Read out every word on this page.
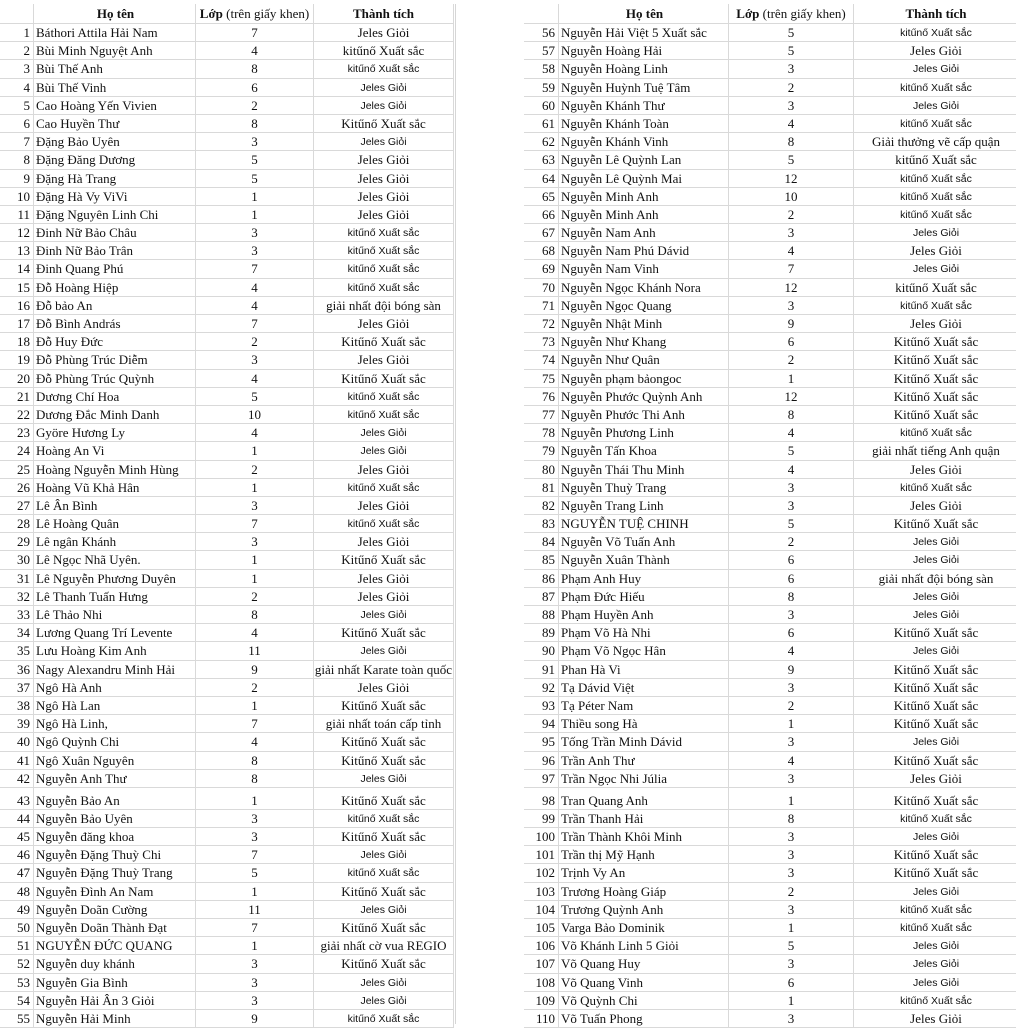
Họ tên	Lớp (trên giấy khen)	Thành tích
1 Báthori Attila Hải Nam	7	Jeles Giỏi
2 Bùi Minh Nguyệt Anh	4	kitűnő Xuất sắc
3 Bùi Thế Anh	8	kitűnő Xuất sắc
4 Bùi Thế Vinh	6	Jeles Giỏi
5 Cao Hoàng Yến Vivien	2	Jeles Giỏi
6 Cao Huyền Thư	8	Kitűnő Xuất sắc
7 Đặng Bảo Uyên	3	Jeles Giỏi
8 Đặng Đăng Dương	5	Jeles Giỏi
9 Đặng Hà Trang	5	Jeles Giỏi
10 Đặng Hà Vy ViVi	1	Jeles Giỏi
11 Đặng Nguyên Linh Chi	1	Jeles Giỏi
12 Đinh Nữ Bảo Châu	3	kitűnő Xuất sắc
13 Đinh Nữ Bảo Trân	3	kitűnő Xuất sắc
14 Đinh Quang Phú	7	kitűnő Xuất sắc
15 Đỗ Hoàng Hiệp	4	kitűnő Xuất sắc
16 Đỗ bảo An	4	giải nhất đội bóng sàn
17 Đỗ Bình András	7	Jeles Giỏi
18 Đỗ Huy Đức	2	Kitűnő Xuất sắc
19 Đỗ Phùng Trúc Diễm	3	Jeles Giỏi
20 Đỗ Phùng Trúc Quỳnh	4	Kitűnő Xuất sắc
21 Dương Chí Hoa	5	kitűnő Xuất sắc
22 Dương Đắc Minh Danh	10	kitűnő Xuất sắc
23 Györe Hương Ly	4	Jeles Giỏi
24 Hoàng An Vi	1	Jeles Giỏi
25 Hoàng Nguyễn Minh Hùng	2	Jeles Giỏi
26 Hoàng Vũ Khả Hân	1	kitűnő Xuất sắc
27 Lê Ân Bình	3	Jeles Giỏi
28 Lê Hoàng Quân	7	kitűnő Xuất sắc
29 Lê ngân Khánh	3	Jeles Giỏi
30 Lê Ngọc Nhã Uyên.	1	Kitűnő Xuất sắc
31 Lê Nguyễn Phương Duyên	1	Jeles Giỏi
32 Lê Thanh Tuấn Hưng	2	Jeles Giỏi
33 Lê Thảo Nhi	8	Jeles Giỏi
34 Lương Quang Trí Levente	4	Kitűnő Xuất sắc
35 Lưu Hoàng Kim Anh	11	Jeles Giỏi
36 Nagy Alexandru Minh Hải	9	giải nhất Karate toàn quốc
37 Ngô Hà Anh	2	Jeles Giỏi
38 Ngô Hà Lan	1	Kitűnő Xuất sắc
39 Ngô Hà Linh,	7	giải nhất toán cấp tỉnh
40 Ngô Quỳnh Chi	4	Kitűnő Xuất sắc
41 Ngô Xuân Nguyên	8	Kitűnő Xuất sắc
42 Nguyễn Anh Thư	8	Jeles Giỏi
43 Nguyễn Bảo An	1	Kitűnő Xuất sắc
44 Nguyễn Bảo Uyên	3	kitűnő Xuất sắc
45 Nguyễn đăng khoa	3	Kitűnő Xuất sắc
46 Nguyễn Đặng Thuỳ Chi	7	Jeles Giỏi
47 Nguyễn Đặng Thuỳ Trang	5	kitűnő Xuất sắc
48 Nguyễn Đình An Nam	1	Kitűnő Xuất sắc
49 Nguyễn Doãn Cường	11	Jeles Giỏi
50 Nguyễn Doãn Thành Đạt	7	Kitűnő Xuất sắc
51 NGUYỄN ĐỨC QUANG	1	giải nhất cờ vua REGIO
52 Nguyễn duy khánh	3	Kitűnő Xuất sắc
53 Nguyễn Gia Bình	3	Jeles Giỏi
54 Nguyễn Hải Ân 3 Giỏi	3	Jeles Giỏi
55 Nguyễn Hải Minh	9	kitűnő Xuất sắc
Họ tên	Lớp (trên giấy khen)	Thành tích
56 Nguyễn Hải Việt 5 Xuất sắc	5	kitűnő Xuất sắc
57 Nguyễn Hoàng Hải	5	Jeles Giỏi
58 Nguyễn Hoàng Linh	3	Jeles Giỏi
59 Nguyễn Huỳnh Tuệ Tâm	2	kitűnő Xuất sắc
60 Nguyễn Khánh Thư	3	Jeles Giỏi
61 Nguyễn Khánh Toàn	4	kitűnő Xuất sắc
62 Nguyễn Khánh Vinh	8	Giải thưởng vẽ cấp quận
63 Nguyễn Lê Quỳnh Lan	5	kitűnő Xuất sắc
64 Nguyễn Lê Quỳnh Mai	12	kitűnő Xuất sắc
65 Nguyễn Minh Anh	10	kitűnő Xuất sắc
66 Nguyễn Minh Anh	2	kitűnő Xuất sắc
67 Nguyễn Nam Anh	3	Jeles Giỏi
68 Nguyễn Nam Phú Dávid	4	Jeles Giỏi
69 Nguyễn Nam Vinh	7	Jeles Giỏi
70 Nguyễn Ngọc Khánh Nora	12	kitűnő Xuất sắc
71 Nguyễn Ngọc Quang	3	kitűnő Xuất sắc
72 Nguyễn Nhật Minh	9	Jeles Giỏi
73 Nguyễn Như Khang	6	Kitűnő Xuất sắc
74 Nguyễn Như Quân	2	Kitűnő Xuất sắc
75 Nguyễn phạm bảongoc	1	Kitűnő Xuất sắc
76 Nguyễn Phước Quỳnh Anh	12	Kitűnő Xuất sắc
77 Nguyễn Phước Thi Anh	8	Kitűnő Xuất sắc
78 Nguyễn Phương Linh	4	kitűnő Xuất sắc
79 Nguyễn Tấn Khoa	5	giải nhất tiếng Anh quận
80 Nguyễn Thái Thu Minh	4	Jeles Giỏi
81 Nguyễn Thuỳ Trang	3	kitűnő Xuất sắc
82 Nguyễn Trang Linh	3	Jeles Giỏi
83 NGUYỄN TUỆ CHINH	5	Kitűnő Xuất sắc
84 Nguyễn Võ Tuấn Anh	2	Jeles Giỏi
85 Nguyễn Xuân Thành	6	Jeles Giỏi
86 Phạm Anh Huy	6	giải nhất đội bóng sàn
87 Phạm Đức Hiếu	8	Jeles Giỏi
88 Phạm Huyền Anh	3	Jeles Giỏi
89 Phạm Võ Hà Nhi	6	Kitűnő Xuất sắc
90 Phạm Võ Ngọc Hân	4	Jeles Giỏi
91 Phan Hà Vi	9	Kitűnő Xuất sắc
92 Tạ Dávid Việt	3	Kitűnő Xuất sắc
93 Tạ Péter Nam	2	Kitűnő Xuất sắc
94 Thiều song Hà	1	Kitűnő Xuất sắc
95 Tống Trần Minh Dávid	3	Jeles Giỏi
96 Trần Anh Thư	4	Kitűnő Xuất sắc
97 Trần Ngọc Nhi Júlia	3	Jeles Giỏi
98 Tran Quang Anh	1	Kitűnő Xuất sắc
99 Trần Thanh Hải	8	kitűnő Xuất sắc
100 Trần Thành Khôi Minh	3	Jeles Giỏi
101 Trần thị Mỹ Hạnh	3	Kitűnő Xuất sắc
102 Trịnh Vy An	3	Kitűnő Xuất sắc
103 Trương Hoàng Giáp	2	Jeles Giỏi
104 Trương Quỳnh Anh	3	kitűnő Xuất sắc
105 Varga Bảo Dominik	1	kitűnő Xuất sắc
106 Võ Khánh Linh 5 Giỏi	5	Jeles Giỏi
107 Võ Quang Huy	3	Jeles Giỏi
108 Võ Quang Vinh	6	Jeles Giỏi
109 Võ Quỳnh Chi	1	kitűnő Xuất sắc
110 Võ Tuấn Phong	3	Jeles Giỏi
